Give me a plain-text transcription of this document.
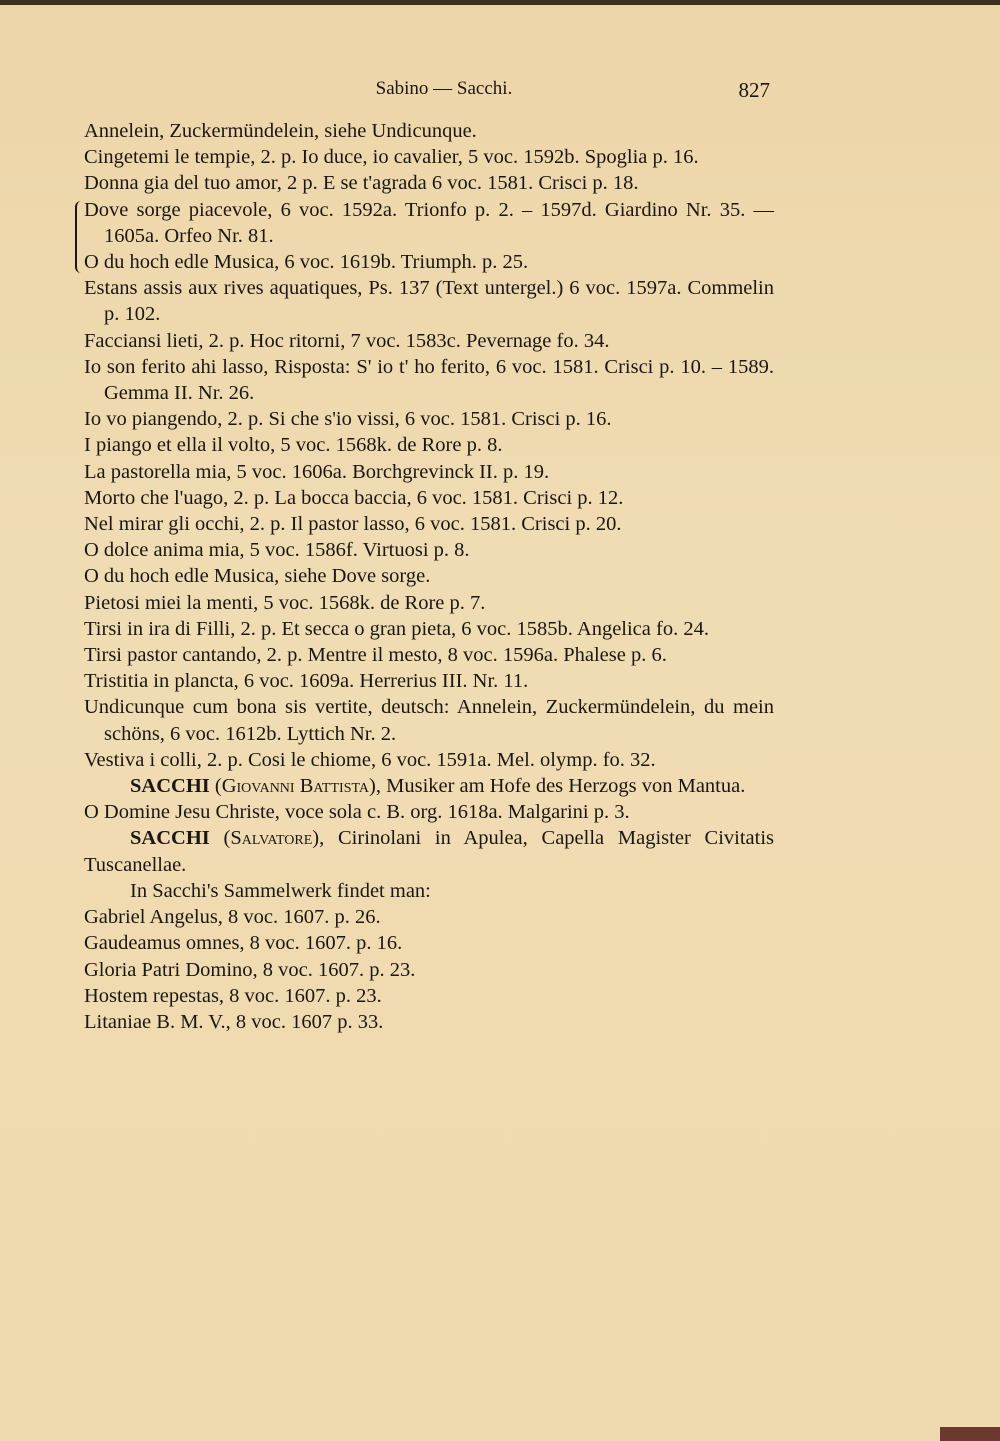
Sabino — Sacchi.	827

Annelein, Zuckermündelein, siehe Undicunque.

Cingetemi le tempie, 2. p. Io duce, io cavalier, 5 voc. 1592b. Spoglia p. 16.

Donna gia del tuo amor, 2 p. E se t'agrada 6 voc. 1581. Crisci p. 18.

Dove sorge piacevole, 6 voc. 1592a. Trionfo p. 2. – 1597d. Giardino Nr. 35. — 1605a. Orfeo Nr. 81.

O du hoch edle Musica, 6 voc. 1619b. Triumph. p. 25.

Estans assis aux rives aquatiques, Ps. 137 (Text untergel.) 6 voc. 1597a. Commelin p. 102.

Facciansi lieti, 2. p. Hoc ritorni, 7 voc. 1583c. Pevernage fo. 34.

Io son ferito ahi lasso, Risposta: S' io t' ho ferito, 6 voc. 1581. Crisci p. 10. – 1589. Gemma II. Nr. 26.

Io vo piangendo, 2. p. Si che s'io vissi, 6 voc. 1581. Crisci p. 16.

I piango et ella il volto, 5 voc. 1568k. de Rore p. 8.

La pastorella mia, 5 voc. 1606a. Borchgrevinck II. p. 19.

Morto che l'uago, 2. p. La bocca baccia, 6 voc. 1581. Crisci p. 12.

Nel mirar gli occhi, 2. p. Il pastor lasso, 6 voc. 1581. Crisci p. 20.

O dolce anima mia, 5 voc. 1586f. Virtuosi p. 8.

O du hoch edle Musica, siehe Dove sorge.

Pietosi miei la menti, 5 voc. 1568k. de Rore p. 7.

Tirsi in ira di Filli, 2. p. Et secca o gran pieta, 6 voc. 1585b. Angelica fo. 24.

Tirsi pastor cantando, 2. p. Mentre il mesto, 8 voc. 1596a. Phalese p. 6.

Tristitia in plancta, 6 voc. 1609a. Herrerius III. Nr. 11.

Undicunque cum bona sis vertite, deutsch: Annelein, Zuckermündelein, du mein schöns, 6 voc. 1612b. Lyttich Nr. 2.

Vestiva i colli, 2. p. Cosi le chiome, 6 voc. 1591a. Mel. olymp. fo. 32.

SACCHI (Giovanni Battista), Musiker am Hofe des Herzogs von Mantua.

O Domine Jesu Christe, voce sola c. B. org. 1618a. Malgarini p. 3.

SACCHI (Salvatore), Cirinolani in Apulea, Capella Magister Civitatis Tuscanellae.

In Sacchi's Sammelwerk findet man:

Gabriel Angelus, 8 voc. 1607. p. 26.

Gaudeamus omnes, 8 voc. 1607. p. 16.

Gloria Patri Domino, 8 voc. 1607. p. 23.

Hostem repestas, 8 voc. 1607. p. 23.

Litaniae B. M. V., 8 voc. 1607 p. 33.
